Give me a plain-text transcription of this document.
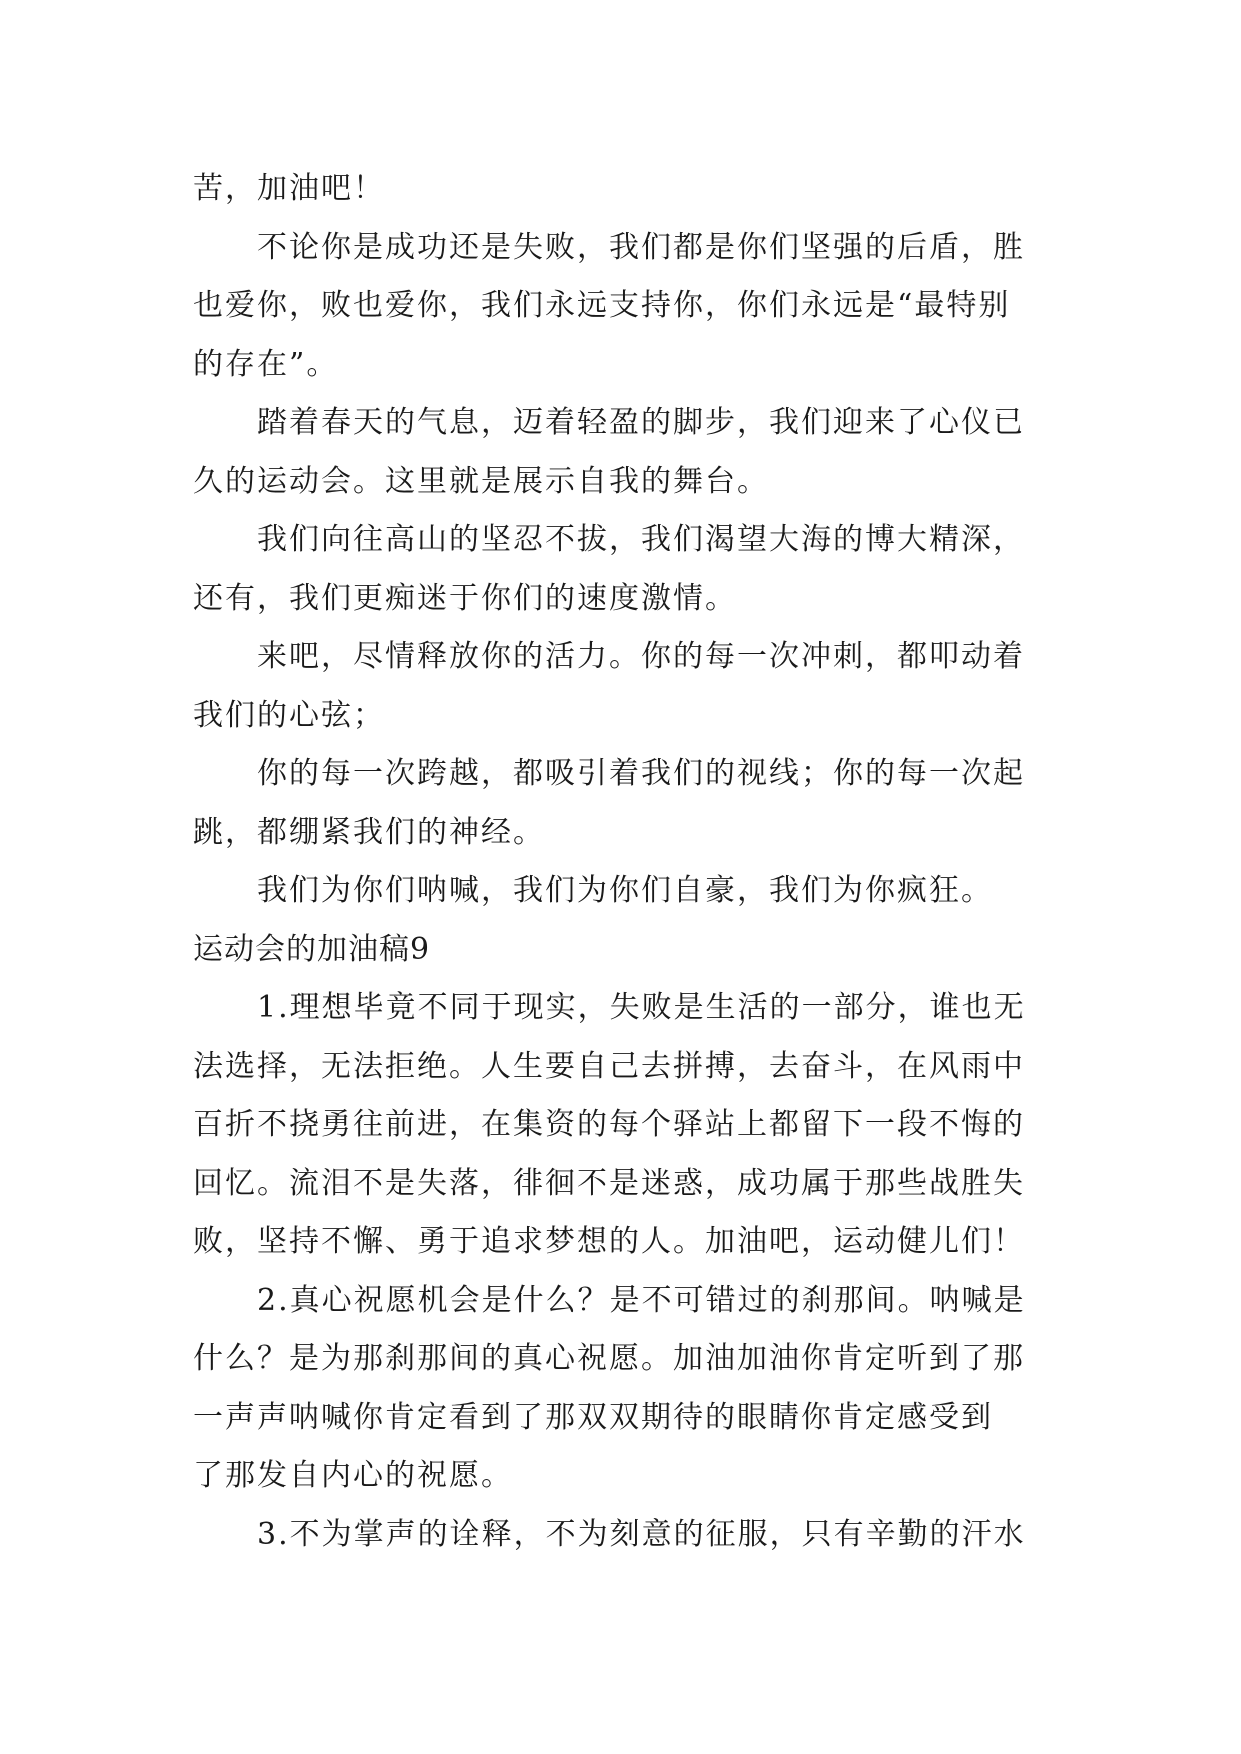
苦，加油吧！
不论你是成功还是失败，我们都是你们坚强的后盾，胜
也爱你，败也爱你，我们永远支持你，你们永远是“最特别
的存在”。
踏着春天的气息，迈着轻盈的脚步，我们迎来了心仪已
久的运动会。这里就是展示自我的舞台。
我们向往高山的坚忍不拔，我们渴望大海的博大精深，
还有，我们更痴迷于你们的速度激情。
来吧，尽情释放你的活力。你的每一次冲刺，都叩动着
我们的心弦；
你的每一次跨越，都吸引着我们的视线；你的每一次起
跳，都绷紧我们的神经。
我们为你们呐喊，我们为你们自豪，我们为你疯狂。
运动会的加油稿9
1.理想毕竟不同于现实，失败是生活的一部分，谁也无
法选择，无法拒绝。人生要自己去拼搏，去奋斗，在风雨中
百折不挠勇往前进，在集资的每个驿站上都留下一段不悔的
回忆。流泪不是失落，徘徊不是迷惑，成功属于那些战胜失
败，坚持不懈、勇于追求梦想的人。加油吧，运动健儿们！
2.真心祝愿机会是什么？是不可错过的刹那间。呐喊是
什么？是为那刹那间的真心祝愿。加油加油你肯定听到了那
一声声呐喊你肯定看到了那双双期待的眼睛你肯定感受到
了那发自内心的祝愿。
3.不为掌声的诠释，不为刻意的征服，只有辛勤的汗水
